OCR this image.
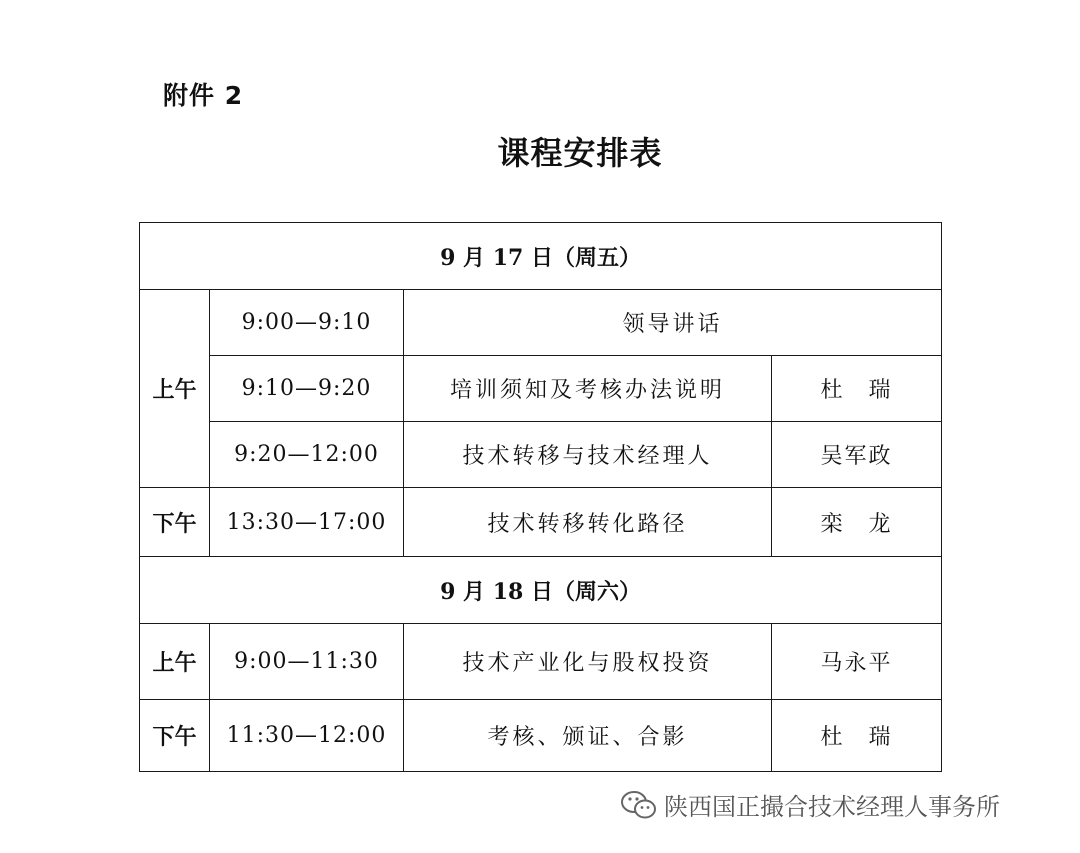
附件 2
课程安排表
9 月 17 日（周五）			
上午	9:00—9:10	领导讲话	
	9:10—9:20	培训须知及考核办法说明	杜　瑞
	9:20—12:00	技术转移与技术经理人	吴军政
下午	13:30—17:00	技术转移转化路径	栾　龙
9 月 18 日（周六）			
上午	9:00—11:30	技术产业化与股权投资	马永平
下午	11:30—12:00	考核、颁证、合影	杜　瑞
陕西国正撮合技术经理人事务所
